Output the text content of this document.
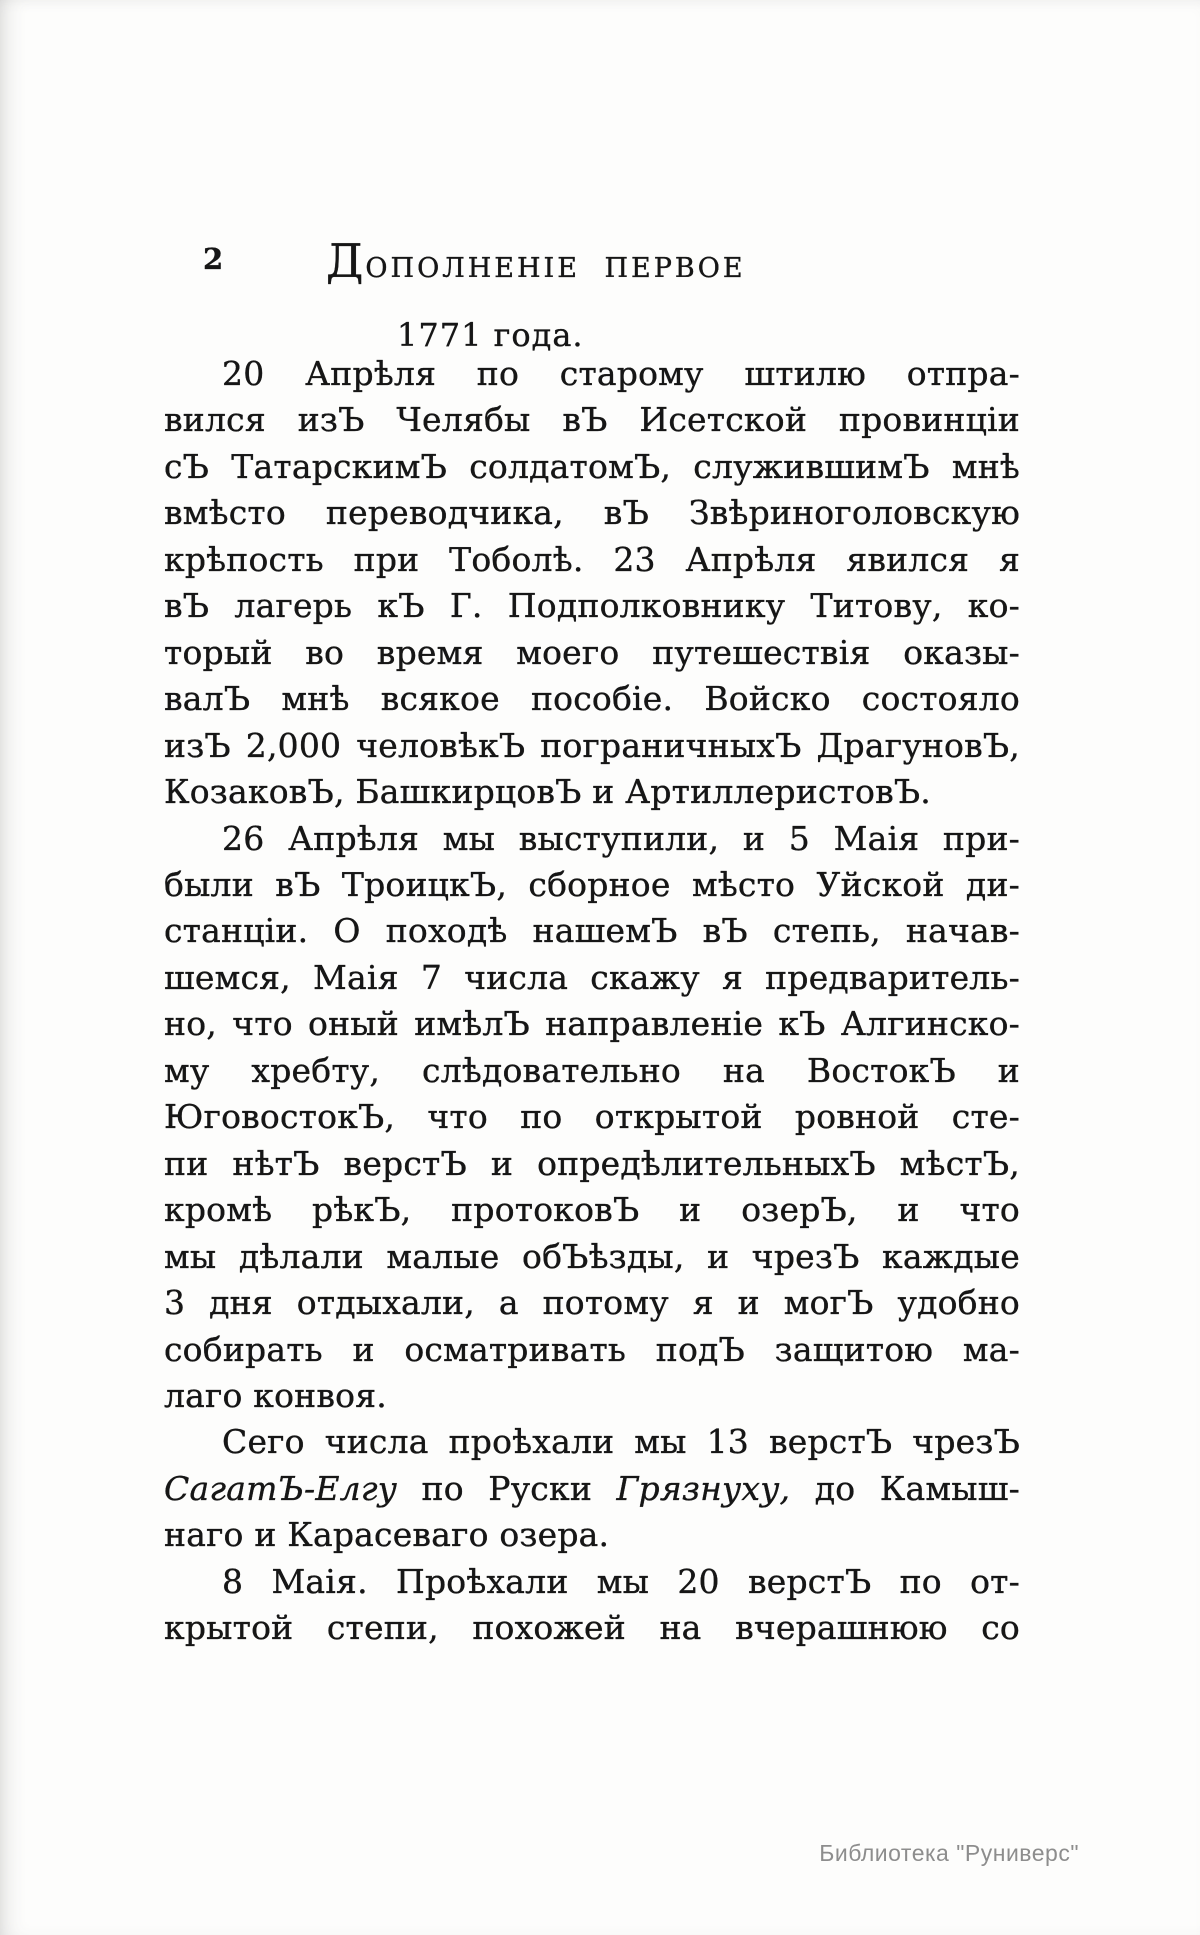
2 ДОПОЛНЕНІЕ ПЕРВОЕ
1771 года.
20 Апрѣля по старому штилю отпра-
вился изЪ Челябы вЪ Исетской провинціи
сЪ ТатарскимЪ солдатомЪ, служившимЪ мнѣ
вмѣсто переводчика, вЪ Звѣриноголовскую
крѣпость при Тоболѣ. 23 Апрѣля явился я
вЪ лагерь кЪ Г. Подполковнику Титову, ко-
торый во время моего путешествія оказы-
валЪ мнѣ всякое пособіе. Войско состояло
изЪ 2,000 человѣкЪ пограничныхЪ ДрагуновЪ,
КозаковЪ, БашкирцовЪ и АртиллеристовЪ.
26 Апрѣля мы выступили, и 5 Маія при-
были вЪ ТроицкЪ, сборное мѣсто Уйской ди-
станціи. О походѣ нашемЪ вЪ степь, начав-
шемся, Маія 7 числа скажу я предваритель-
но, что оный имѣлЪ направленіе кЪ Алгинско-
му хребту, слѣдовательно на ВостокЪ и
ЮговостокЪ, что по открытой ровной сте-
пи нѣтЪ верстЪ и опредѣлительныхЪ мѣстЪ,
кромѣ рѣкЪ, протоковЪ и озерЪ, и что
мы дѣлали малые обЪѣзды, и чрезЪ каждые
3 дня отдыхали, а потому я и могЪ удобно
собирать и осматривать подЪ защитою ма-
лаго конвоя.
Сего числа проѣхали мы 13 верстЪ чрезЪ
СагатЪ-Елгу по Руски Грязнуху, до Камыш-
наго и Карасеваго озера.
8 Маія. Проѣхали мы 20 верстЪ по от-
крытой степи, похожей на вчерашнюю со
Библиотека "Руниверс"
